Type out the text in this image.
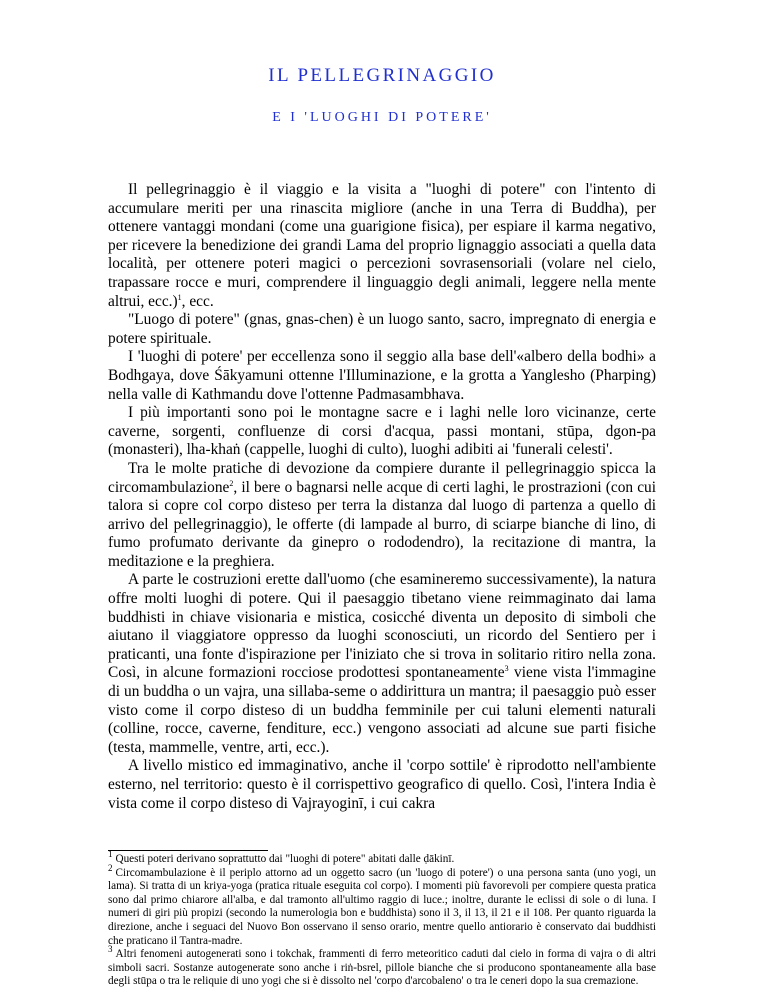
IL PELLEGRINAGGIO
E I 'LUOGHI DI POTERE'

Il pellegrinaggio è il viaggio e la visita a "luoghi di potere" con l'intento di accumulare meriti per una rinascita migliore (anche in una Terra di Buddha), per ottenere vantaggi mondani (come una guarigione fisica), per espiare il karma negativo, per ricevere la benedizione dei grandi Lama del proprio lignaggio associati a quella data località, per ottenere poteri magici o percezioni sovrasensoriali (volare nel cielo, trapassare rocce e muri, comprendere il linguaggio degli animali, leggere nella mente altrui, ecc.)$^1$, ecc.

"Luogo di potere" (gnas, gnas-chen) è un luogo santo, sacro, impregnato di energia e potere spirituale.

I 'luoghi di potere' per eccellenza sono il seggio alla base dell'«albero della bodhi» a Bodhgaya, dove Śākyamuni ottenne l'Illuminazione, e la grotta a Yanglesho (Pharping) nella valle di Kathmandu dove l'ottenne Padmasambhava.

I più importanti sono poi le montagne sacre e i laghi nelle loro vicinanze, certe caverne, sorgenti, confluenze di corsi d'acqua, passi montani, stūpa, dgon-pa (monasteri), lha-khaṅ (cappelle, luoghi di culto), luoghi adibiti ai 'funerali celesti'.

Tra le molte pratiche di devozione da compiere durante il pellegrinaggio spicca la circomambulazione$^2$, il bere o bagnarsi nelle acque di certi laghi, le prostrazioni (con cui talora si copre col corpo disteso per terra la distanza dal luogo di partenza a quello di arrivo del pellegrinaggio), le offerte (di lampade al burro, di sciarpe bianche di lino, di fumo profumato derivante da ginepro o rododendro), la recitazione di mantra, la meditazione e la preghiera.

A parte le costruzioni erette dall'uomo (che esamineremo successivamente), la natura offre molti luoghi di potere. Qui il paesaggio tibetano viene reimmaginato dai lama buddhisti in chiave visionaria e mistica, cosicché diventa un deposito di simboli che aiutano il viaggiatore oppresso da luoghi sconosciuti, un ricordo del Sentiero per i praticanti, una fonte d'ispirazione per l'iniziato che si trova in solitario ritiro nella zona. Così, in alcune formazioni rocciose prodottesi spontaneamente$^3$ viene vista l'immagine di un buddha o un vajra, una sillaba-seme o addirittura un mantra; il paesaggio può esser visto come il corpo disteso di un buddha femminile per cui taluni elementi naturali (colline, rocce, caverne, fenditure, ecc.) vengono associati ad alcune sue parti fisiche (testa, mammelle, ventre, arti, ecc.).

A livello mistico ed immaginativo, anche il 'corpo sottile' è riprodotto nell'ambiente esterno, nel territorio: questo è il corrispettivo geografico di quello. Così, l'intera India è vista come il corpo disteso di Vajrayoginī, i cui cakra

$^1$ Questi poteri derivano soprattutto dai "luoghi di potere" abitati dalle ḍākinī.

$^2$ Circomambulazione è il periplo attorno ad un oggetto sacro (un 'luogo di potere') o una persona santa (uno yogi, un lama). Si tratta di un kriya-yoga (pratica rituale eseguita col corpo). I momenti più favorevoli per compiere questa pratica sono dal primo chiarore all'alba, e dal tramonto all'ultimo raggio di luce.; inoltre, durante le eclissi di sole o di luna. I numeri di giri più propizi (secondo la numerologia bon e buddhista) sono il 3, il 13, il 21 e il 108. Per quanto riguarda la direzione, anche i seguaci del Nuovo Bon osservano il senso orario, mentre quello antiorario è conservato dai buddhisti che praticano il Tantra-madre.

$^3$ Altri fenomeni autogenerati sono i tokchak, frammenti di ferro meteoritico caduti dal cielo in forma di vajra o di altri simboli sacri. Sostanze autogenerate sono anche i riṅ-bsrel, pillole bianche che si producono spontaneamente alla base degli stūpa o tra le reliquie di uno yogi che si è dissolto nel 'corpo d'arcobaleno' o tra le ceneri dopo la sua cremazione.
